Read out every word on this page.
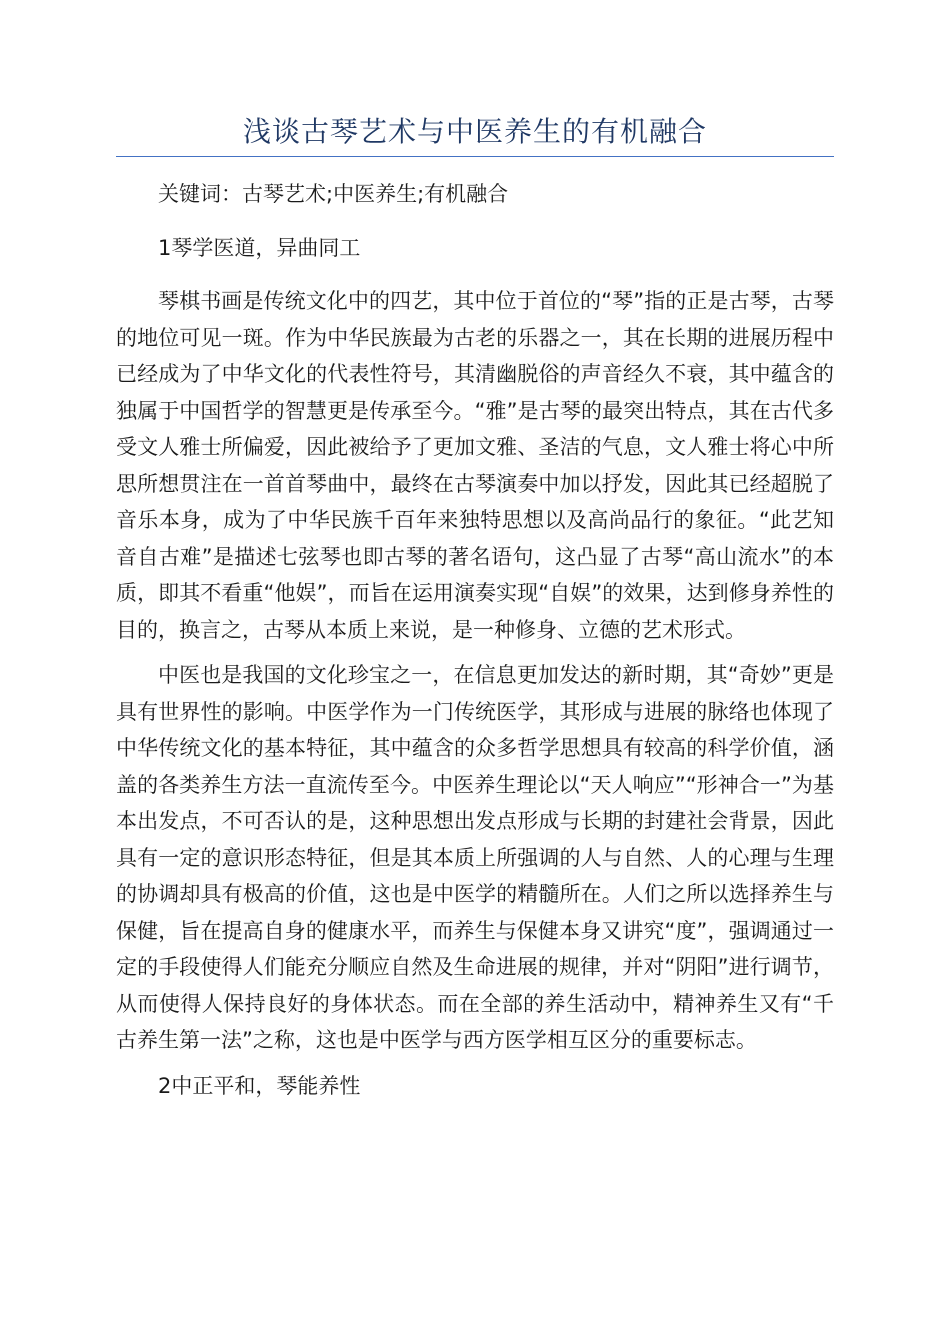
浅谈古琴艺术与中医养生的有机融合

关键词：古琴艺术;中医养生;有机融合

1琴学医道，异曲同工

琴棋书画是传统文化中的四艺，其中位于首位的“琴”指的正是古琴，古琴的地位可见一斑。作为中华民族最为古老的乐器之一，其在长期的进展历程中已经成为了中华文化的代表性符号，其清幽脱俗的声音经久不衰，其中蕴含的独属于中国哲学的智慧更是传承至今。“雅”是古琴的最突出特点，其在古代多受文人雅士所偏爱，因此被给予了更加文雅、圣洁的气息，文人雅士将心中所思所想贯注在一首首琴曲中，最终在古琴演奏中加以抒发，因此其已经超脱了音乐本身，成为了中华民族千百年来独特思想以及高尚品行的象征。“此艺知音自古难”是描述七弦琴也即古琴的著名语句，这凸显了古琴“高山流水”的本质，即其不看重“他娱”，而旨在运用演奏实现“自娱”的效果，达到修身养性的目的，换言之，古琴从本质上来说，是一种修身、立德的艺术形式。

中医也是我国的文化珍宝之一，在信息更加发达的新时期，其“奇妙”更是具有世界性的影响。中医学作为一门传统医学，其形成与进展的脉络也体现了中华传统文化的基本特征，其中蕴含的众多哲学思想具有较高的科学价值，涵盖的各类养生方法一直流传至今。中医养生理论以“天人响应”“形神合一”为基本出发点，不可否认的是，这种思想出发点形成与长期的封建社会背景，因此具有一定的意识形态特征，但是其本质上所强调的人与自然、人的心理与生理的协调却具有极高的价值，这也是中医学的精髓所在。人们之所以选择养生与保健，旨在提高自身的健康水平，而养生与保健本身又讲究“度”，强调通过一定的手段使得人们能充分顺应自然及生命进展的规律，并对“阴阳”进行调节，从而使得人保持良好的身体状态。而在全部的养生活动中，精神养生又有“千古养生第一法”之称，这也是中医学与西方医学相互区分的重要标志。

2中正平和，琴能养性
